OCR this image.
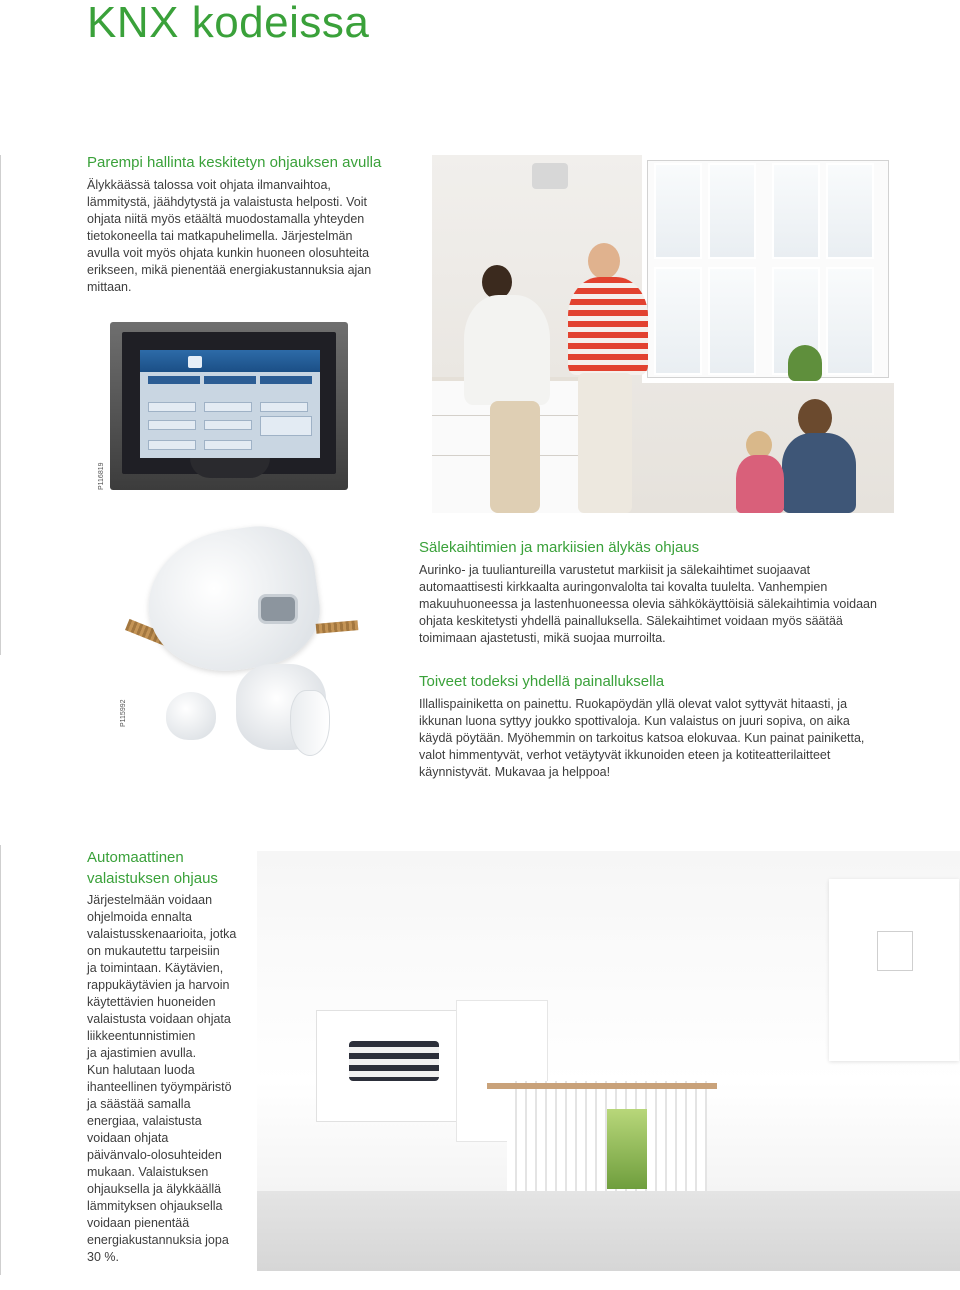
KNX kodeissa
Parempi hallinta keskitetyn ohjauksen avulla
Älykkäässä talossa voit ohjata ilmanvaihtoa,
lämmitystä, jäähdytystä ja valaistusta helposti. Voit
ohjata niitä myös etäältä muodostamalla yhteyden
tietokoneella tai matkapuhelimella. Järjestelmän
avulla voit myös ohjata kunkin huoneen olosuhteita
erikseen, mikä pienentää energiakustannuksia ajan
mittaan.
P116819
P115992
Sälekaihtimien ja markiisien älykäs ohjaus
Aurinko- ja tuuliantureilla varustetut markiisit ja sälekaihtimet suojaavat
automaattisesti kirkkaalta auringonvalolta tai kovalta tuulelta. Vanhempien
makuuhuoneessa ja lastenhuoneessa olevia sähkökäyttöisiä sälekaihtimia voidaan
ohjata keskitetysti yhdellä painalluksella. Sälekaihtimet voidaan myös säätää
toimimaan ajastetusti, mikä suojaa murroilta.
Toiveet todeksi yhdellä painalluksella
Illallispainiketta on painettu. Ruokapöydän yllä olevat valot syttyvät hitaasti, ja
ikkunan luona syttyy joukko spottivaloja. Kun valaistus on juuri sopiva, on aika
käydä pöytään. Myöhemmin on tarkoitus katsoa elokuvaa. Kun painat painiketta,
valot himmentyvät, verhot vetäytyvät ikkunoiden eteen ja kotiteatterilaitteet
käynnistyvät. Mukavaa ja helppoa!
Automaattinen
valaistuksen ohjaus
Järjestelmään voidaan
ohjelmoida ennalta
valaistusskenaarioita, jotka
on mukautettu tarpeisiin
ja toimintaan. Käytävien,
rappukäytävien ja harvoin
käytettävien huoneiden
valaistusta voidaan ohjata
liikkeentunnistimien
ja ajastimien avulla.
Kun halutaan luoda
ihanteellinen työympäristö
ja säästää samalla
energiaa, valaistusta
voidaan ohjata
päivänvalo-olosuhteiden
mukaan. Valaistuksen
ohjauksella ja älykkäällä
lämmityksen ohjauksella
voidaan pienentää
energiakustannuksia jopa
30 %.
